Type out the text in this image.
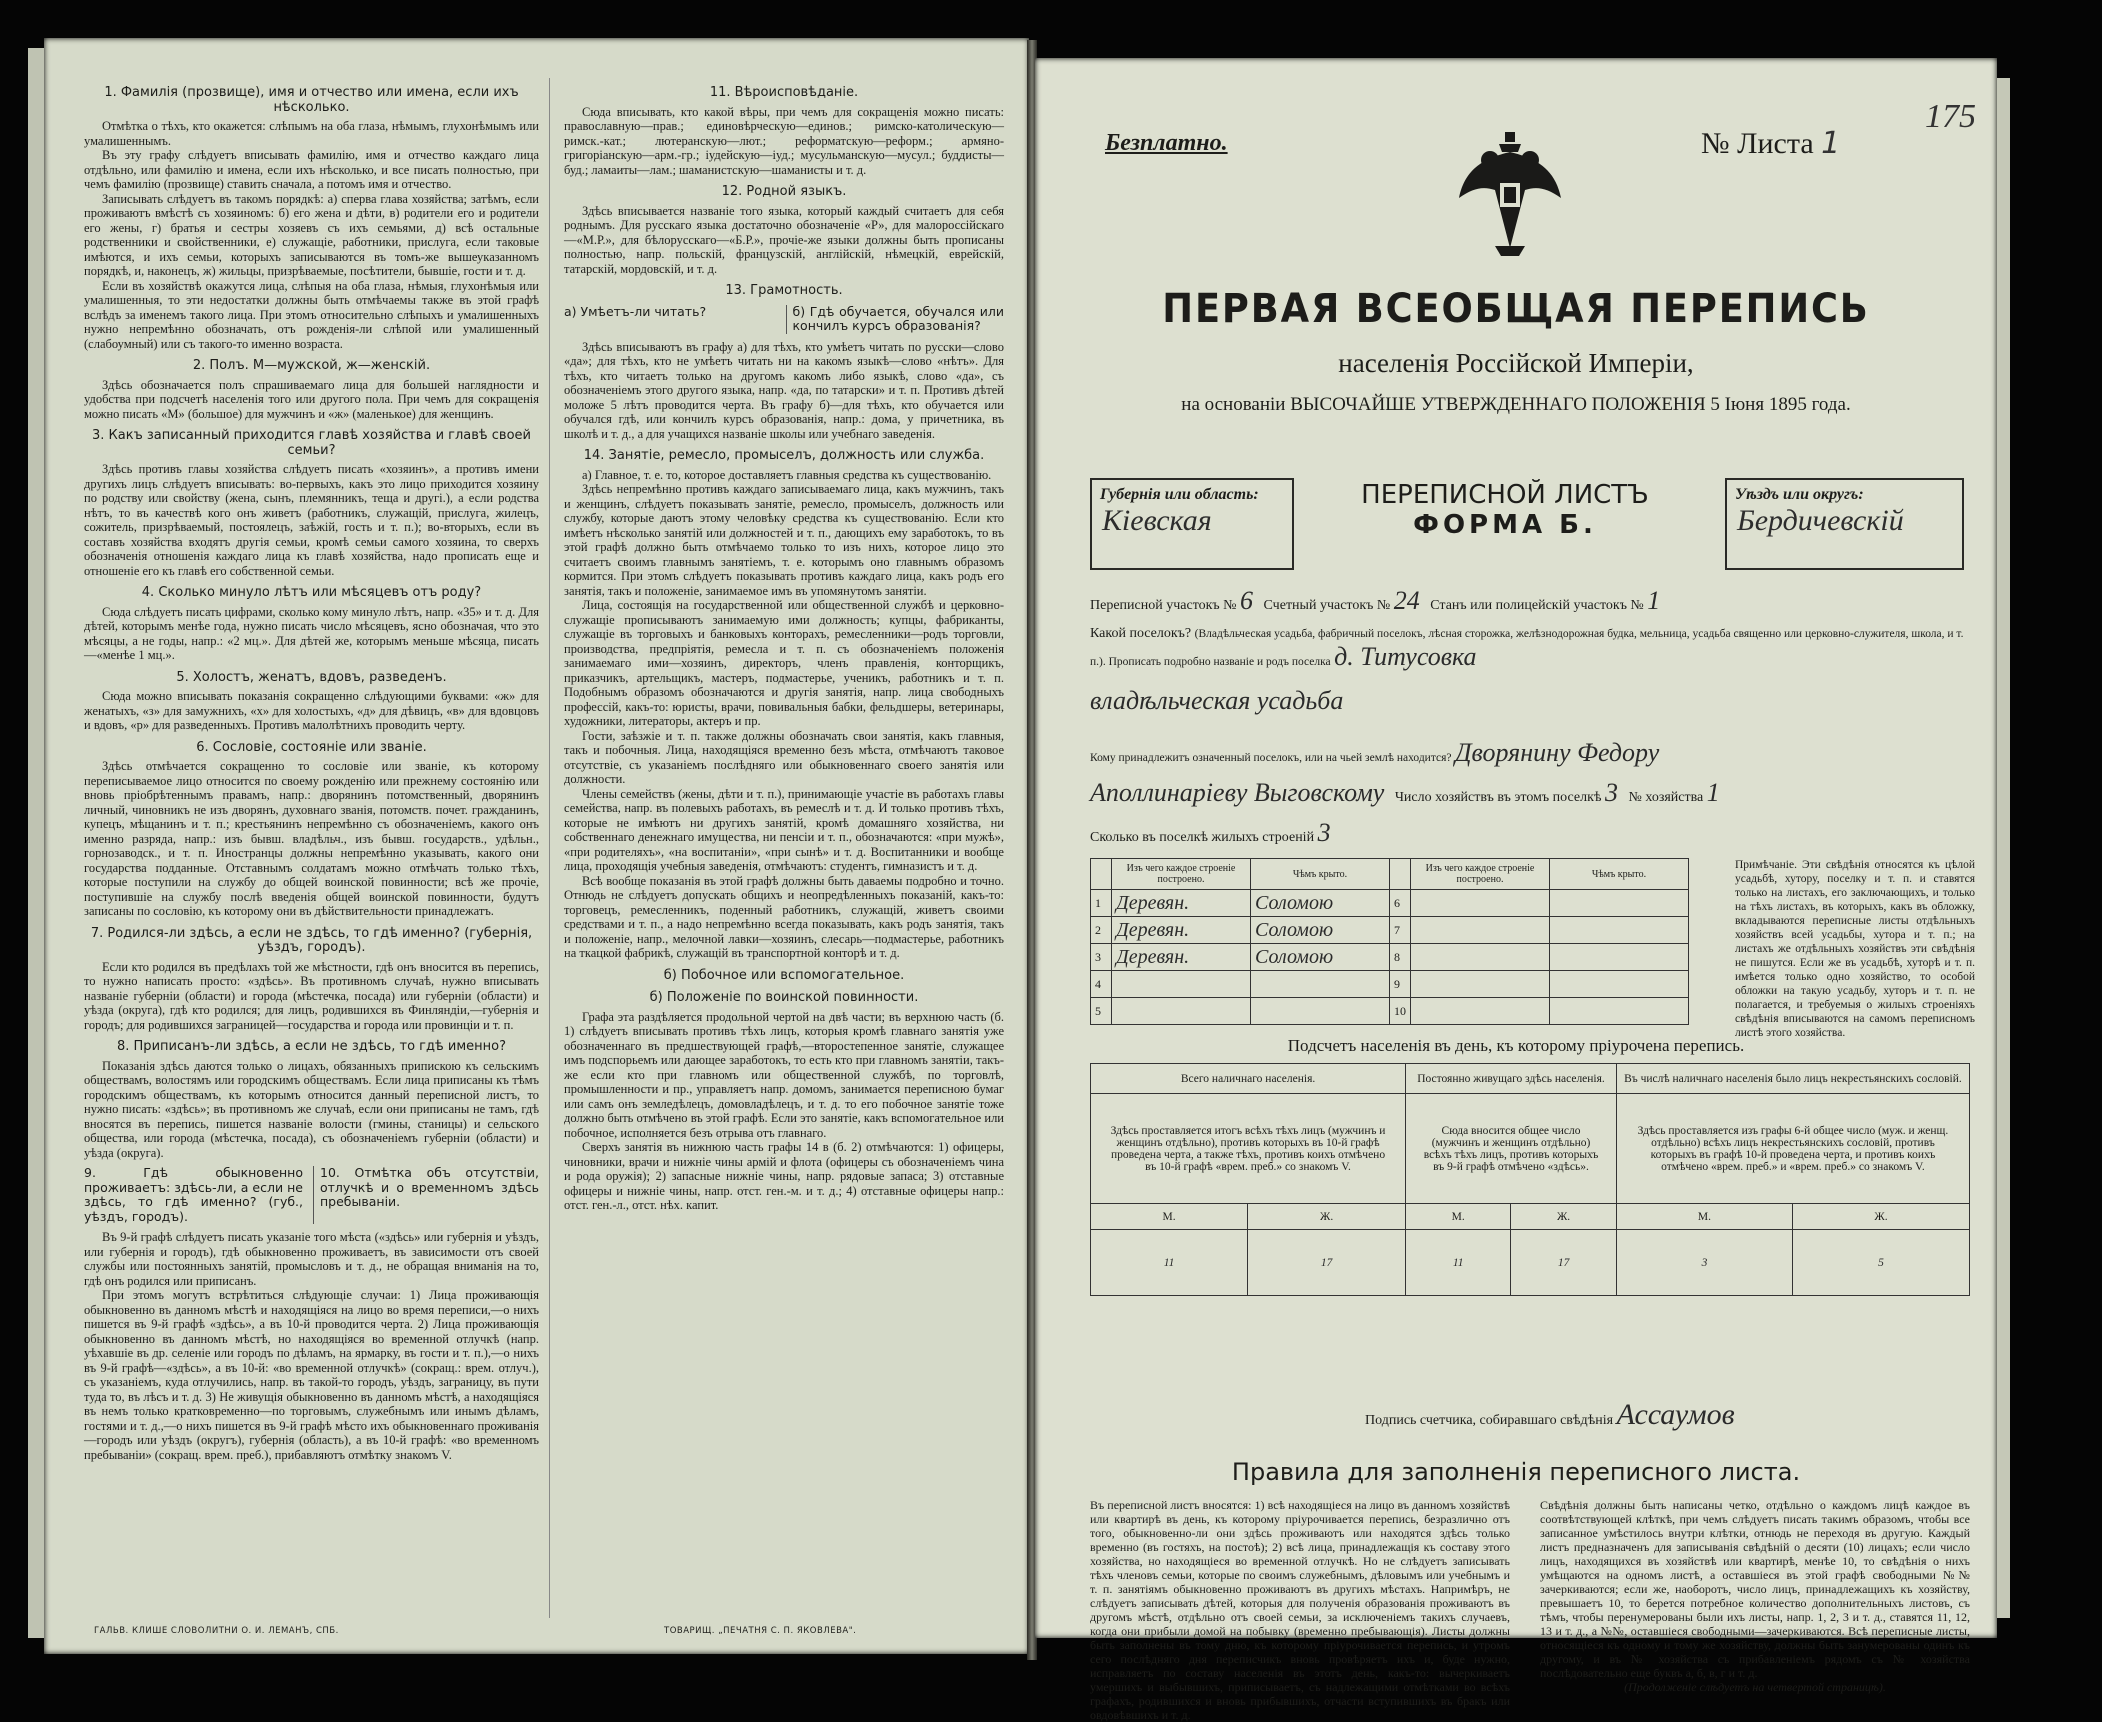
1. Фамилія (прозвище), имя и отчество или имена, если ихъ нѣсколько.

Отмѣтка о тѣхъ, кто окажется: слѣпымъ на оба глаза, нѣмымъ, глухонѣмымъ или умалишеннымъ.

Въ эту графу слѣдуетъ вписывать фамилію, имя и отчество каждаго лица отдѣльно, или фамилію и имена, если ихъ нѣсколько, и все писать полностью, при чемъ фамилію (прозвище) ставить сначала, а потомъ имя и отчество.

Записывать слѣдуетъ въ такомъ порядкѣ: а) сперва глава хозяйства; затѣмъ, если проживаютъ вмѣстѣ съ хозяиномъ: б) его жена и дѣти, в) родители его и родители его жены, г) братья и сестры хозяевъ съ ихъ семьями, д) всѣ остальные родственники и свойственники, е) служащіе, работники, прислуга, если таковые имѣются, и ихъ семьи, которыхъ записываются въ томъ-же вышеуказанномъ порядкѣ, и, наконецъ, ж) жильцы, призрѣваемые, посѣтители, бывшіе, гости и т. д.

Если въ хозяйствѣ окажутся лица, слѣпыя на оба глаза, нѣмыя, глухонѣмыя или умалишенныя, то эти недостатки должны быть отмѣчаемы также въ этой графѣ вслѣдъ за именемъ такого лица. При этомъ относительно слѣпыхъ и умалишенныхъ нужно непремѣнно обозначать, отъ рожденія-ли слѣпой или умалишенный (слабоумный) или съ такого-то именно возраста.

2. Полъ. М—мужской, ж—женскій.

Здѣсь обозначается полъ спрашиваемаго лица для большей наглядности и удобства при подсчетѣ населенія того или другого пола. При чемъ для сокращенія можно писать «М» (большое) для мужчинъ и «ж» (маленькое) для женщинъ.

3. Какъ записанный приходится главѣ хозяйства и главѣ своей семьи?

Здѣсь противъ главы хозяйства слѣдуетъ писать «хозяинъ», а противъ имени другихъ лицъ слѣдуетъ вписывать: во-первыхъ, какъ это лицо приходится хозяину по родству или свойству (жена, сынъ, племянникъ, теща и другі.), а если родства нѣтъ, то въ качествѣ кого онъ живетъ (работникъ, служащій, прислуга, жилецъ, сожитель, призрѣваемый, постоялецъ, заѣжій, гость и т. п.); во-вторыхъ, если въ составъ хозяйства входятъ другія семьи, кромѣ семьи самого хозяина, то сверхъ обозначенія отношенія каждаго лица къ главѣ хозяйства, надо прописать еще и отношеніе его къ главѣ его собственной семьи.

4. Сколько минуло лѣтъ или мѣсяцевъ отъ роду?

Сюда слѣдуетъ писать цифрами, сколько кому минуло лѣтъ, напр. «35» и т. д. Для дѣтей, которымъ менѣе года, нужно писать число мѣсяцевъ, ясно обозначая, что это мѣсяцы, а не годы, напр.: «2 мц.». Для дѣтей же, которымъ меньше мѣсяца, писать—«менѣе 1 мц.».

5. Холостъ, женатъ, вдовъ, разведенъ.

Сюда можно вписывать показанія сокращенно слѣдующими буквами: «ж» для женатыхъ, «з» для замужнихъ, «х» для холостыхъ, «д» для дѣвицъ, «в» для вдовцовъ и вдовъ, «р» для разведенныхъ. Противъ малолѣтнихъ проводить черту.

6. Сословіе, состояніе или званіе.

Здѣсь отмѣчается сокращенно то сословіе или званіе, къ которому переписываемое лицо относится по своему рожденію или прежнему состоянію или вновь пріобрѣтеннымъ правамъ, напр.: дворянинъ потомственный, дворянинъ личный, чиновникъ не изъ дворянъ, духовнаго званія, потомств. почет. гражданинъ, купецъ, мѣщанинъ и т. п.; крестьянинъ непремѣнно съ обозначеніемъ, какого онъ именно разряда, напр.: изъ бывш. владѣльч., изъ бывш. государств., удѣльн., горнозаводск., и т. п. Иностранцы должны непремѣнно указывать, какого они государства подданные. Отставнымъ солдатамъ можно отмѣчать только тѣхъ, которые поступили на службу до общей воинской повинности; всѣ же прочіе, поступившіе на службу послѣ введенія общей воинской повинности, будутъ записаны по сословію, къ которому они въ дѣйствительности принадлежатъ.

7. Родился-ли здѣсь, а если не здѣсь, то гдѣ именно? (губернія, уѣздъ, городъ).

Если кто родился въ предѣлахъ той же мѣстности, гдѣ онъ вносится въ перепись, то нужно написать просто: «здѣсь». Въ противномъ случаѣ, нужно вписывать названіе губерніи (области) и города (мѣстечка, посада) или губерніи (области) и уѣзда (округа), гдѣ кто родился; для лицъ, родившихся въ Финляндіи,—губернія и городъ; для родившихся заграницей—государства и города или провинціи и т. п.

8. Приписанъ-ли здѣсь, а если не здѣсь, то гдѣ именно?

Показанія здѣсь даются только о лицахъ, обязанныхъ припискою къ сельскимъ обществамъ, волостямъ или городскимъ обществамъ. Если лица приписаны къ тѣмъ городскимъ обществамъ, къ которымъ относится данный переписной листъ, то нужно писать: «здѣсь»; въ противномъ же случаѣ, если они приписаны не тамъ, гдѣ вносятся въ перепись, пишется названіе волости (гмины, станицы) и сельского общества, или города (мѣстечка, посада), съ обозначеніемъ губерніи (области) и уѣзда (округа).

9. Гдѣ обыкновенно проживаетъ: здѣсь-ли, а если не здѣсь, то гдѣ именно? (губ., уѣздъ, городъ).
10. Отмѣтка объ отсутствіи, отлучкѣ и о временномъ здѣсь пребываніи.

Въ 9-й графѣ слѣдуетъ писать указаніе того мѣста («здѣсь» или губернія и уѣздъ, или губернія и городъ), гдѣ обыкновенно проживаетъ, въ зависимости отъ своей службы или постоянныхъ занятій, промысловъ и т. д., не обращая вниманія на то, гдѣ онъ родился или приписанъ.

При этомъ могутъ встрѣтиться слѣдующіе случаи: 1) Лица проживающія обыкновенно въ данномъ мѣстѣ и находящіяся на лицо во время переписи,—о нихъ пишется въ 9-й графѣ «здѣсь», а въ 10-й проводится черта. 2) Лица проживающія обыкновенно въ данномъ мѣстѣ, но находящіяся во временной отлучкѣ (напр. уѣхавшіе въ др. селеніе или городъ по дѣламъ, на ярмарку, въ гости и т. п.),—о нихъ въ 9-й графѣ—«здѣсь», а въ 10-й: «во временной отлучкѣ» (сокращ.: врем. отлуч.), съ указаніемъ, куда отлучились, напр. въ такой-то городъ, уѣздъ, заграницу, въ пути туда то, въ лѣсъ и т. д. 3) Не живущія обыкновенно въ данномъ мѣстѣ, а находящіяся въ немъ только кратковременно—по торговымъ, служебнымъ или инымъ дѣламъ, гостями и т. д.,—о нихъ пишется въ 9-й графѣ мѣсто ихъ обыкновеннаго проживанія—городъ или уѣздъ (округъ), губернія (область), а въ 10-й графѣ: «во временномъ пребываніи» (сокращ. врем. преб.), прибавляютъ отмѣтку знакомъ V.

11. Вѣроисповѣданіе.

Сюда вписывать, кто какой вѣры, при чемъ для сокращенія можно писать: православную—прав.; единовѣрческую—единов.; римско-католическую—римск.-кат.; лютеранскую—лют.; реформатскую—реформ.; армяно-григоріанскую—арм.-гр.; іудейскую—іуд.; мусульманскую—мусул.; буддисты—буд.; ламаиты—лам.; шаманистскую—шаманисты и т. д.

12. Родной языкъ.

Здѣсь вписывается названіе того языка, который каждый считаетъ для себя роднымъ. Для русскаго языка достаточно обозначеніе «Р», для малороссійскаго—«М.Р.», для бѣлорусскаго—«Б.Р.», прочіе-же языки должны быть прописаны полностью, напр. польскій, французскій, англійскій, нѣмецкій, еврейскій, татарскій, мордовскій, и т. д.

13. Грамотность.
а) Умѣетъ-ли читать?	б) Гдѣ обучается, обучался или кончилъ курсъ образованія?

Здѣсь вписываютъ въ графу а) для тѣхъ, кто умѣетъ читать по русски—слово «да»; для тѣхъ, кто не умѣетъ читать ни на какомъ языкѣ—слово «нѣтъ». Для тѣхъ, кто читаетъ только на другомъ какомъ либо языкѣ, слово «да», съ обозначеніемъ этого другого языка, напр. «да, по татарски» и т. п. Противъ дѣтей моложе 5 лѣтъ проводится черта. Въ графу б)—для тѣхъ, кто обучается или обучался гдѣ, или кончилъ курсъ образованія, напр.: дома, у причетника, въ школѣ и т. д., а для учащихся названіе школы или учебнаго заведенія.

14. Занятіе, ремесло, промыселъ, должность или служба.

а) Главное, т. е. то, которое доставляетъ главныя средства къ существованію.

Здѣсь непремѣнно противъ каждаго записываемаго лица, какъ мужчинъ, такъ и женщинъ, слѣдуетъ показывать занятіе, ремесло, промыселъ, должность или службу, которые даютъ этому человѣку средства къ существованію. Если кто имѣетъ нѣсколько занятій или должностей и т. п., дающихъ ему заработокъ, то въ этой графѣ должно быть отмѣчаемо только то изъ нихъ, которое лицо это считаетъ своимъ главнымъ занятіемъ, т. е. которымъ оно главнымъ образомъ кормится. При этомъ слѣдуетъ показывать противъ каждаго лица, какъ родъ его занятія, такъ и положеніе, занимаемое имъ въ упомянутомъ занятіи.

Лица, состоящія на государственной или общественной службѣ и церковно-служащіе прописываютъ занимаемую ими должность; купцы, фабриканты, служащіе въ торговыхъ и банковыхъ конторахъ, ремесленники—родъ торговли, производства, предпріятія, ремесла и т. п. съ обозначеніемъ положенія занимаемаго ими—хозяинъ, директоръ, членъ правленія, конторщикъ, приказчикъ, артельщикъ, мастеръ, подмастерье, ученикъ, работникъ и т. п. Подобнымъ образомъ обозначаются и другія занятія, напр. лица свободныхъ профессій, какъ-то: юристы, врачи, повивальныя бабки, фельдшеры, ветеринары, художники, литераторы, актеръ и пр.

Гости, заѣзжіе и т. п. также должны обозначать свои занятія, какъ главныя, такъ и побочныя. Лица, находящіяся временно безъ мѣста, отмѣчаютъ таковое отсутствіе, съ указаніемъ послѣдняго или обыкновеннаго своего занятія или должности.

Члены семействъ (жены, дѣти и т. п.), принимающіе участіе въ работахъ главы семейства, напр. въ полевыхъ работахъ, въ ремеслѣ и т. д. И только противъ тѣхъ, которые не имѣютъ ни другихъ занятій, кромѣ домашняго хозяйства, ни собственнаго денежнаго имущества, ни пенсіи и т. п., обозначаются: «при мужѣ», «при родителяхъ», «на воспитаніи», «при сынѣ» и т. д. Воспитанники и вообще лица, проходящія учебныя заведенія, отмѣчаютъ: студентъ, гимназистъ и т. д.

Всѣ вообще показанія въ этой графѣ должны быть даваемы подробно и точно. Отнюдь не слѣдуетъ допускать общихъ и неопредѣленныхъ показаній, какъ-то: торговецъ, ремесленникъ, поденный работникъ, служащій, живетъ своими средствами и т. п., а надо непремѣнно всегда показывать, какъ родъ занятія, такъ и положеніе, напр., мелочной лавки—хозяинъ, слесарь—подмастерье, работникъ на ткацкой фабрикѣ, служащій въ транспортной конторѣ и т. д.

б) Побочное или вспомогательное.
б) Положеніе по воинской повинности.

Графа эта раздѣляется продольной чертой на двѣ части; въ верхнюю часть (б. 1) слѣдуетъ вписывать противъ тѣхъ лицъ, которыя кромѣ главнаго занятія уже обозначеннаго въ предшествующей графѣ,—второстепенное занятіе, служащее имъ подспорьемъ или дающее заработокъ, то есть кто при главномъ занятіи, такъ-же если кто при главномъ или общественной службѣ, по торговлѣ, промышленности и пр., управляетъ напр. домомъ, занимается переписною бумаг или самъ онъ земледѣлецъ, домовладѣлецъ, и т. д. то его побочное занятіе тоже должно быть отмѣчено въ этой графѣ. Если это занятіе, какъ вспомогательное или побочное, исполняется безъ отрыва отъ главнаго.

Сверхъ занятія въ нижнюю часть графы 14 в (б. 2) отмѣчаются: 1) офицеры, чиновники, врачи и нижніе чины армій и флота (офицеры съ обозначеніемъ чина и рода оружія); 2) запасные нижніе чины, напр. рядовые запаса; 3) отставные офицеры и нижніе чины, напр. отст. ген.-м. и т. д.; 4) отставные офицеры напр.: отст. ген.-л., отст. нѣх. капит.

ГАЛЬВ. КЛИШЕ СЛОВОЛИТНИ О. И. ЛЕМАНЪ, СПБ.	ТОВАРИЩ. „ПЕЧАТНЯ С. П. ЯКОВЛЕВА".
Безплатно.	№ Листа 1
175
ПЕРВАЯ ВСЕОБЩАЯ ПЕРЕПИСЬ
населенія Россійской Имперіи,
на основаніи ВЫСОЧАЙШЕ УТВЕРЖДЕННАГО ПОЛОЖЕНІЯ 5 Іюня 1895 года.
Губернія или область:
Кіевская
ПЕРЕПИСНОЙ ЛИСТЪ
ФОРМА Б.
Уѣздъ или округъ:
Бердичевскій
Переписной участокъ № 6 Счетный участокъ № 24 Станъ или полицейскій участокъ № 1
Какой поселокъ? (Владѣльческая усадьба, фабричный поселокъ, лѣсная сторожка, желѣзнодорожная будка, мельница, усадьба священно или церковно-служителя, школа, и т. п.). Прописать подробно названіе и родъ поселка д. Титусовка
владѣльческая усадьба
Кому принадлежитъ означенный поселокъ, или на чьей землѣ находится? Дворянину Федору
Аполлинаріеву Выговскому Число хозяйствъ въ этомъ поселкѣ 3 № хозяйства 1
Сколько въ поселкѣ жилыхъ строеній 3
	Изъ чего каждое строеніе построено.	Чѣмъ крыто.		Изъ чего каждое строеніе построено.	Чѣмъ крыто.
1	Деревян.	Соломою	6		
2	Деревян.	Соломою	7		
3	Деревян.	Соломою	8		
4			9		
5			10		
Примѣчаніе. Эти свѣдѣнія относятся къ цѣлой усадьбѣ, хутору, поселку и т. п. и ставятся только на листахъ, его заключающихъ, и только на тѣхъ листахъ, въ которыхъ, какъ въ обложку, вкладываются переписные листы отдѣльныхъ хозяйствъ всей усадьбы, хутора и т. п.; на листахъ же отдѣльныхъ хозяйствъ эти свѣдѣнія не пишутся. Если же въ усадьбѣ, хуторѣ и т. п. имѣется только одно хозяйство, то особой обложки на такую усадьбу, хуторъ и т. п. не полагается, и требуемыя о жилыхъ строеніяхъ свѣдѣнія вписываются на самомъ переписномъ листѣ этого хозяйства.
Подсчетъ населенія въ день, къ которому пріурочена перепись.
Всего наличнаго населенія.		Постоянно живущаго здѣсь населенія.		Въ числѣ наличнаго населенія было лицъ некрестьянскихъ сословій.	
Здѣсь проставляется итогъ всѣхъ тѣхъ лицъ (мужчинъ и женщинъ отдѣльно), противъ которыхъ въ 10-й графѣ проведена черта, а также тѣхъ, противъ коихъ отмѣчено въ 10-й графѣ «врем. преб.» со знакомъ V.		Сюда вносится общее число (мужчинъ и женщинъ отдѣльно) всѣхъ тѣхъ лицъ, противъ которыхъ въ 9-й графѣ отмѣчено «здѣсь».		Здѣсь проставляется изъ графы 6-й общее число (муж. и женщ. отдѣльно) всѣхъ лицъ некрестьянскихъ сословій, противъ которыхъ въ графѣ 10-й проведена черта, и противъ коихъ отмѣчено «врем. преб.» и «врем. преб.» со знакомъ V.	
М.	Ж.	М.	Ж.	М.	Ж.
11	17	11	17	3	5
Подпись счетчика, собиравшаго свѣдѣнія Ассаумов
Правила для заполненія переписного листа.
Въ переписной листъ вносятся: 1) всѣ находящіеся на лицо въ данномъ хозяйствѣ или квартирѣ въ день, къ которому пріурочивается перепись, безразлично отъ того, обыкновенно-ли они здѣсь проживаютъ или находятся здѣсь только временно (въ гостяхъ, на постоѣ); 2) всѣ лица, принадлежащія къ составу этого хозяйства, но находящіеся во временной отлучкѣ. Но не слѣдуетъ записывать тѣхъ членовъ семьи, которые по своимъ служебнымъ, дѣловымъ или учебнымъ и т. п. занятіямъ обыкновенно проживаютъ въ другихъ мѣстахъ. Напримѣръ, не слѣдуетъ записывать дѣтей, которыя для полученія образованія проживаютъ въ другомъ мѣстѣ, отдѣльно отъ своей семьи, за исключеніемъ такихъ случаевъ, когда они прибыли домой на побывку (временно пребывающія). Листы должны быть заполнены въ тому дню, къ которому пріурочивается перепись, и утромъ сего послѣдняго дня переписчикъ вновь провѣряетъ ихъ и, буде нужно, исправляетъ по составу населенія въ этотъ день, какъ-то: вычеркиваетъ умершихъ и выбывшихъ, приписываетъ, съ надлежащими отмѣтками во всѣхъ графахъ, родившихся и вновь прибывшихъ, отчасти вступившихъ въ бракъ или овдовѣвшихъ и т. д.
Свѣдѣнія должны быть написаны четко, отдѣльно о каждомъ лицѣ каждое въ соотвѣтствующей клѣткѣ, при чемъ слѣдуетъ писать такимъ образомъ, чтобы все записанное умѣстилось внутри клѣтки, отнюдь не переходя въ другую. Каждый листъ предназначенъ для записыванія свѣдѣній о десяти (10) лицахъ; если число лицъ, находящихся въ хозяйствѣ или квартирѣ, менѣе 10, то свѣдѣнія о нихъ умѣщаются на одномъ листѣ, а оставшіеся въ этой графѣ свободными №№ зачеркиваются; если же, наоборотъ, число лицъ, принадлежащихъ къ хозяйству, превышаетъ 10, то берется потребное количество дополнительныхъ листовъ, съ тѣмъ, чтобы перенумерованы были ихъ листы, напр. 1, 2, 3 и т. д., ставятся 11, 12, 13 и т. д., а №№, оставшіеся свободными—зачеркиваются. Всѣ переписные листы, относящіеся къ одному и тому же хозяйству, должны быть занумерованы одинъ къ другому, и въ № хозяйства съ прибавленіемъ рядомъ съ № хозяйства послѣдовательно еще буквъ а, б, в, г и т. д.
(Продолженіе слѣдуетъ на четвертой страницѣ).
